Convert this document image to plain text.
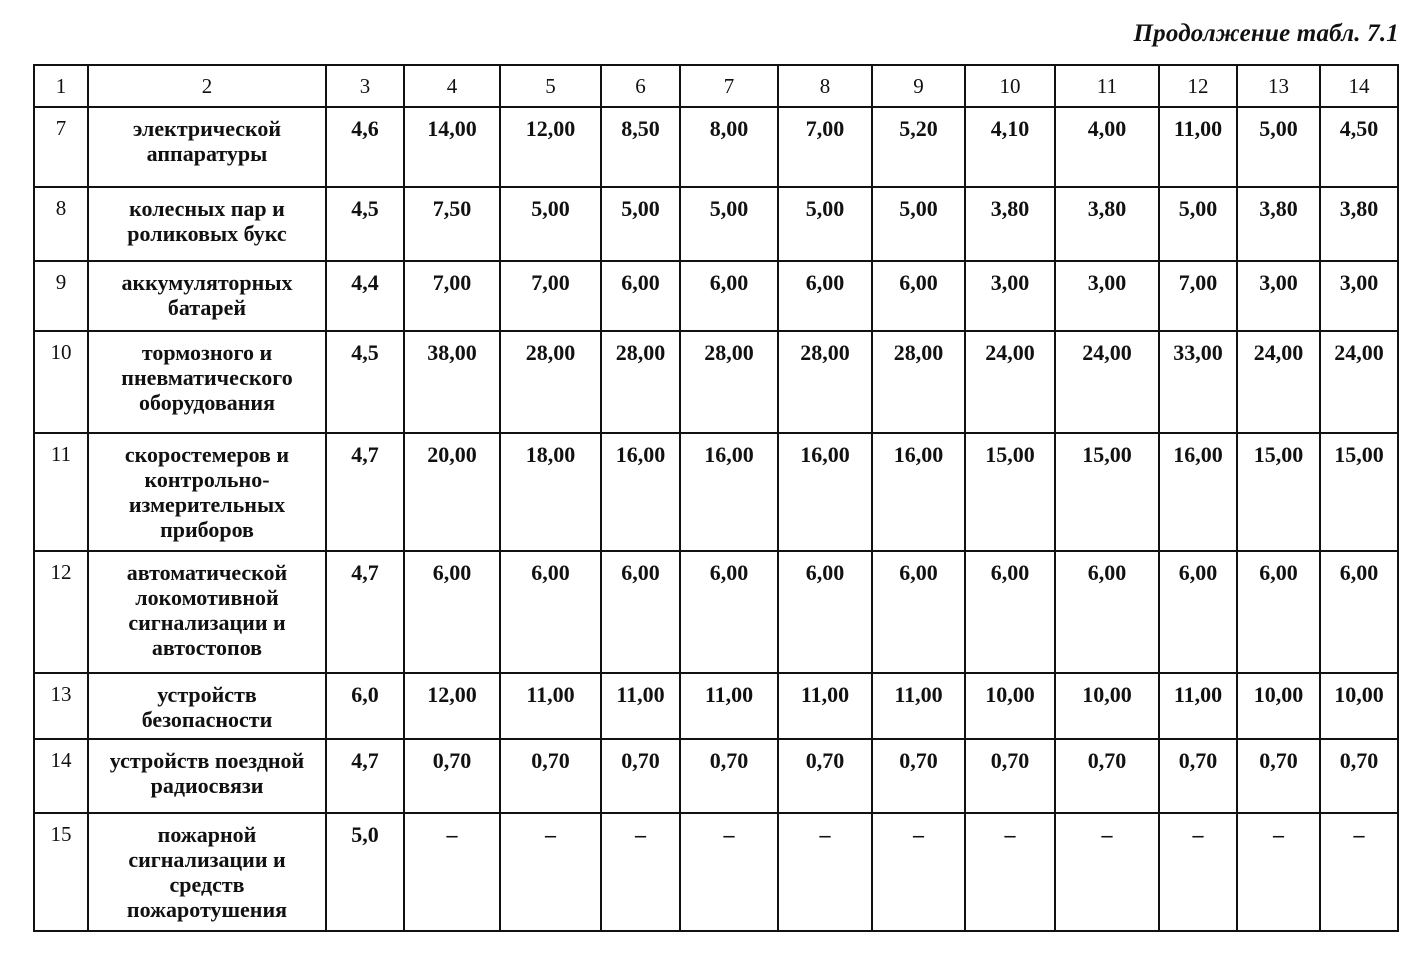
Продолжение табл. 7.1
1	2	3	4	5	6	7	8	9	10	11	12	13	14
7	электрической аппаратуры	4,6	14,00	12,00	8,50	8,00	7,00	5,20	4,10	4,00	11,00	5,00	4,50
8	колесных пар и роликовых букс	4,5	7,50	5,00	5,00	5,00	5,00	5,00	3,80	3,80	5,00	3,80	3,80
9	аккумуляторных батарей	4,4	7,00	7,00	6,00	6,00	6,00	6,00	3,00	3,00	7,00	3,00	3,00
10	тормозного и пневматического оборудования	4,5	38,00	28,00	28,00	28,00	28,00	28,00	24,00	24,00	33,00	24,00	24,00
11	скоростемеров и контрольно-измерительных приборов	4,7	20,00	18,00	16,00	16,00	16,00	16,00	15,00	15,00	16,00	15,00	15,00
12	автоматической локомотивной сигнализации и автостопов	4,7	6,00	6,00	6,00	6,00	6,00	6,00	6,00	6,00	6,00	6,00	6,00
13	устройств безопасности	6,0	12,00	11,00	11,00	11,00	11,00	11,00	10,00	10,00	11,00	10,00	10,00
14	устройств поездной радиосвязи	4,7	0,70	0,70	0,70	0,70	0,70	0,70	0,70	0,70	0,70	0,70	0,70
15	пожарной сигнализации и средств пожаротушения	5,0	–	–	–	–	–	–	–	–	–	–	–
